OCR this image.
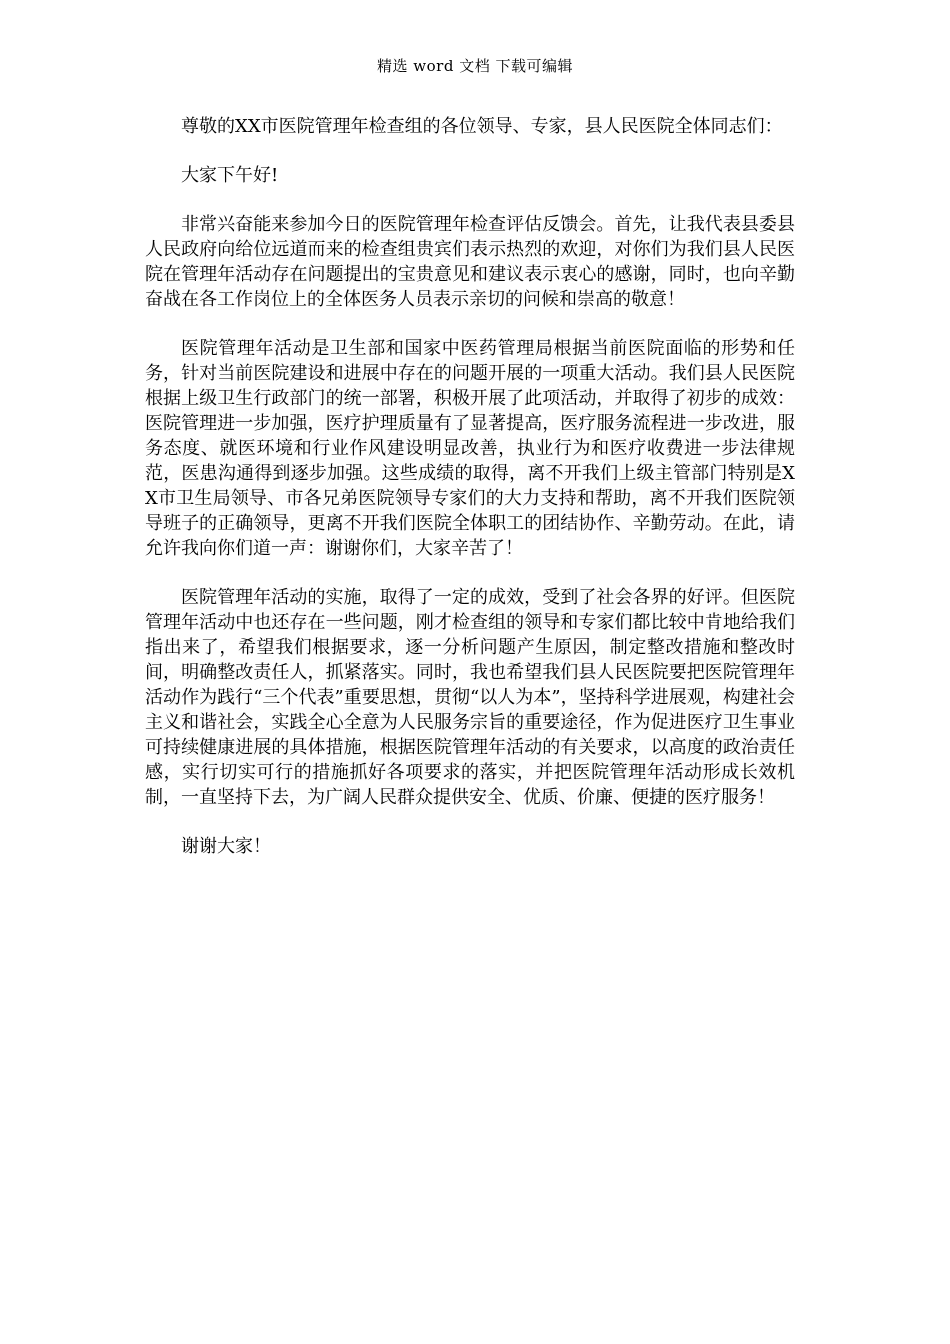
精选 word 文档 下载可编辑

尊敬的XX市医院管理年检查组的各位领导、专家，县人民医院全体同志们：

大家下午好!

非常兴奋能来参加今日的医院管理年检查评估反馈会。首先，让我代表县委县人民政府向给位远道而来的检查组贵宾们表示热烈的欢迎，对你们为我们县人民医院在管理年活动存在问题提出的宝贵意见和建议表示衷心的感谢，同时，也向辛勤奋战在各工作岗位上的全体医务人员表示亲切的问候和崇高的敬意！

医院管理年活动是卫生部和国家中医药管理局根据当前医院面临的形势和任务，针对当前医院建设和进展中存在的问题开展的一项重大活动。我们县人民医院根据上级卫生行政部门的统一部署，积极开展了此项活动，并取得了初步的成效：医院管理进一步加强，医疗护理质量有了显著提高，医疗服务流程进一步改进，服务态度、就医环境和行业作风建设明显改善，执业行为和医疗收费进一步法律规范，医患沟通得到逐步加强。这些成绩的取得，离不开我们上级主管部门特别是XX市卫生局领导、市各兄弟医院领导专家们的大力支持和帮助，离不开我们医院领导班子的正确领导，更离不开我们医院全体职工的团结协作、辛勤劳动。在此，请允许我向你们道一声：谢谢你们，大家辛苦了！

医院管理年活动的实施，取得了一定的成效，受到了社会各界的好评。但医院管理年活动中也还存在一些问题，刚才检查组的领导和专家们都比较中肯地给我们指出来了，希望我们根据要求，逐一分析问题产生原因，制定整改措施和整改时间，明确整改责任人，抓紧落实。同时，我也希望我们县人民医院要把医院管理年活动作为践行“三个代表”重要思想，贯彻“以人为本”，坚持科学进展观，构建社会主义和谐社会，实践全心全意为人民服务宗旨的重要途径，作为促进医疗卫生事业可持续健康进展的具体措施，根据医院管理年活动的有关要求，以高度的政治责任感，实行切实可行的措施抓好各项要求的落实，并把医院管理年活动形成长效机制，一直坚持下去，为广阔人民群众提供安全、优质、价廉、便捷的医疗服务！

谢谢大家！
